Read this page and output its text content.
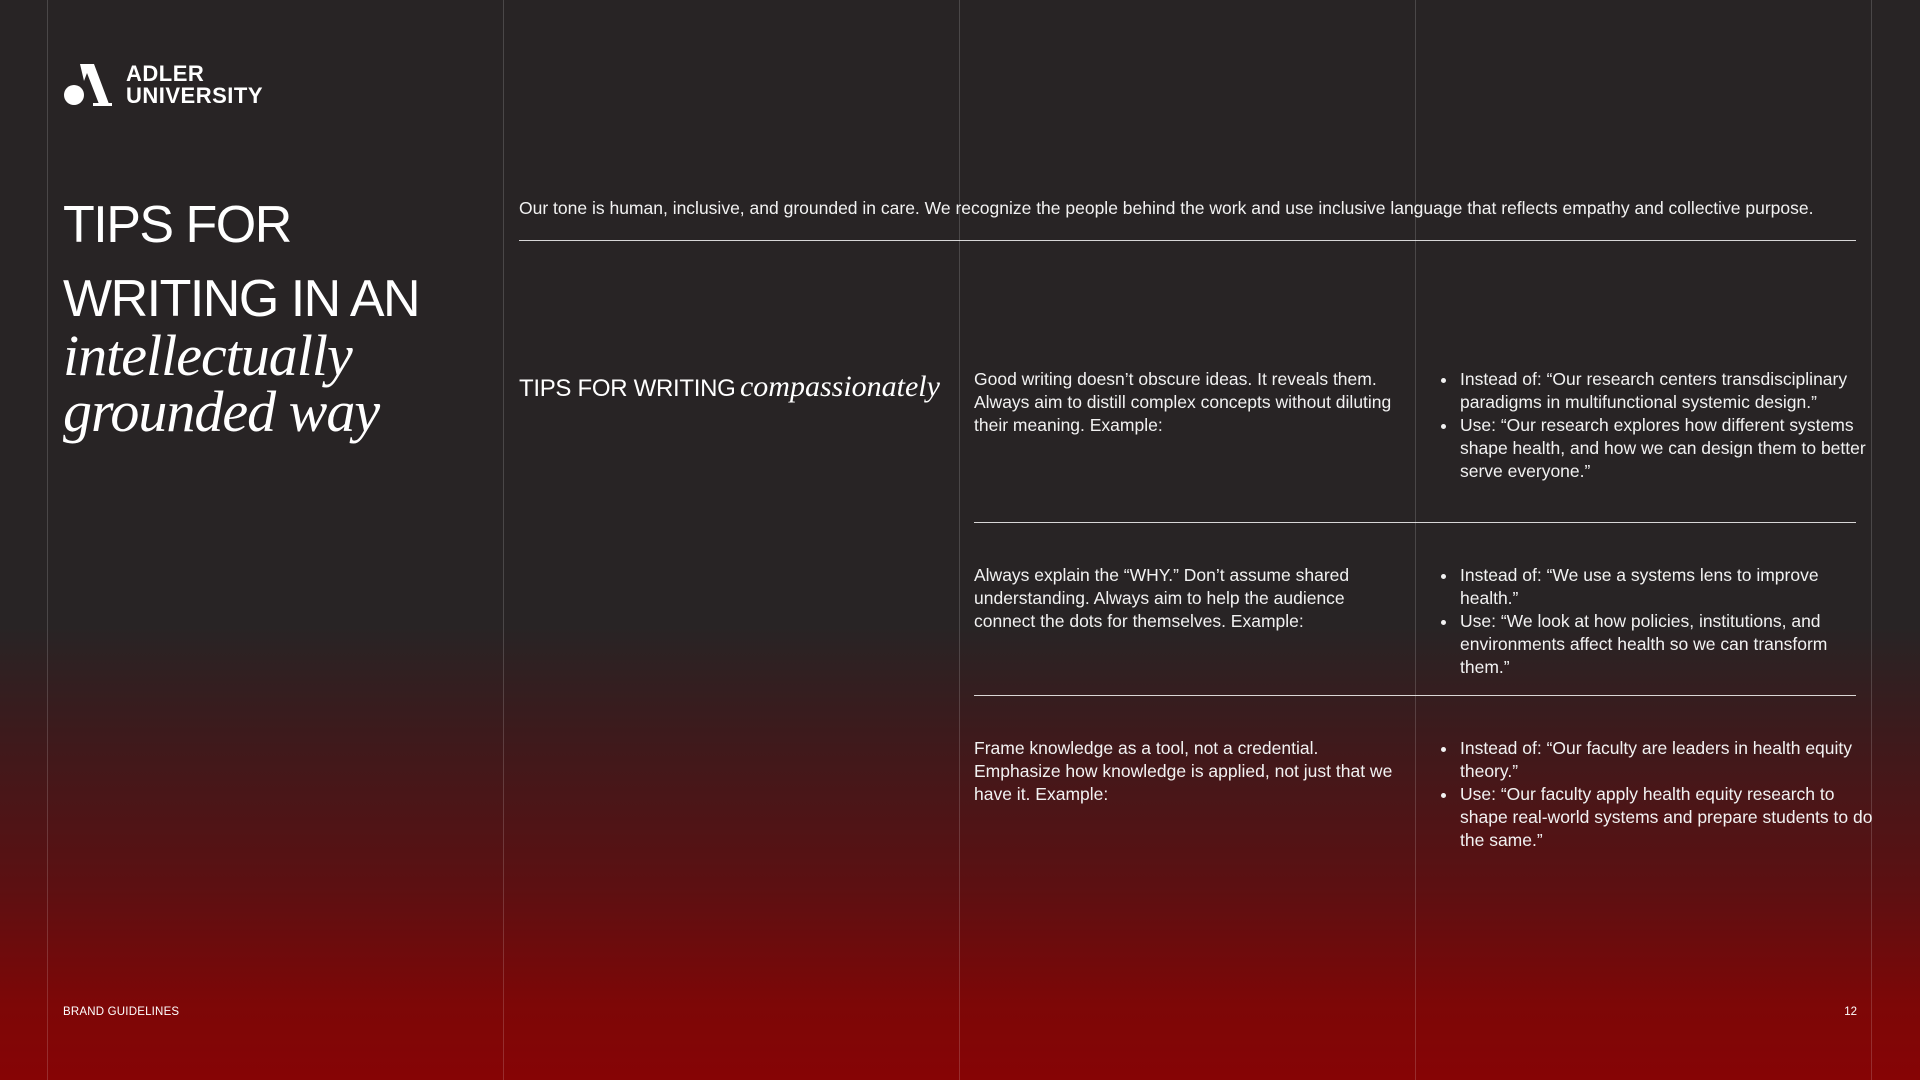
ADLER
UNIVERSITY
TIPS FOR
WRITING IN AN
intellectually
grounded way
Our tone is human, inclusive, and grounded in care. We recognize the people behind the work and use inclusive language that reflects empathy and collective purpose.
TIPS FOR WRITING compassionately	Good writing doesn’t obscure ideas. It reveals them. Always aim to distill complex concepts without diluting their meaning. Example:
• Instead of: “Our research centers transdisciplinary paradigms in multifunctional systemic design.”
• Use: “Our research explores how different systems shape health, and how we can design them to better serve everyone.”
Always explain the “WHY.” Don’t assume shared understanding. Always aim to help the audience connect the dots for themselves. Example:
• Instead of: “We use a systems lens to improve health.”
• Use: “We look at how policies, institutions, and environments affect health so we can transform them.”
Frame knowledge as a tool, not a credential. Emphasize how knowledge is applied, not just that we have it. Example:
• Instead of: “Our faculty are leaders in health equity theory.”
• Use: “Our faculty apply health equity research to shape real-world systems and prepare students to do the same.”
BRAND GUIDELINES	12
